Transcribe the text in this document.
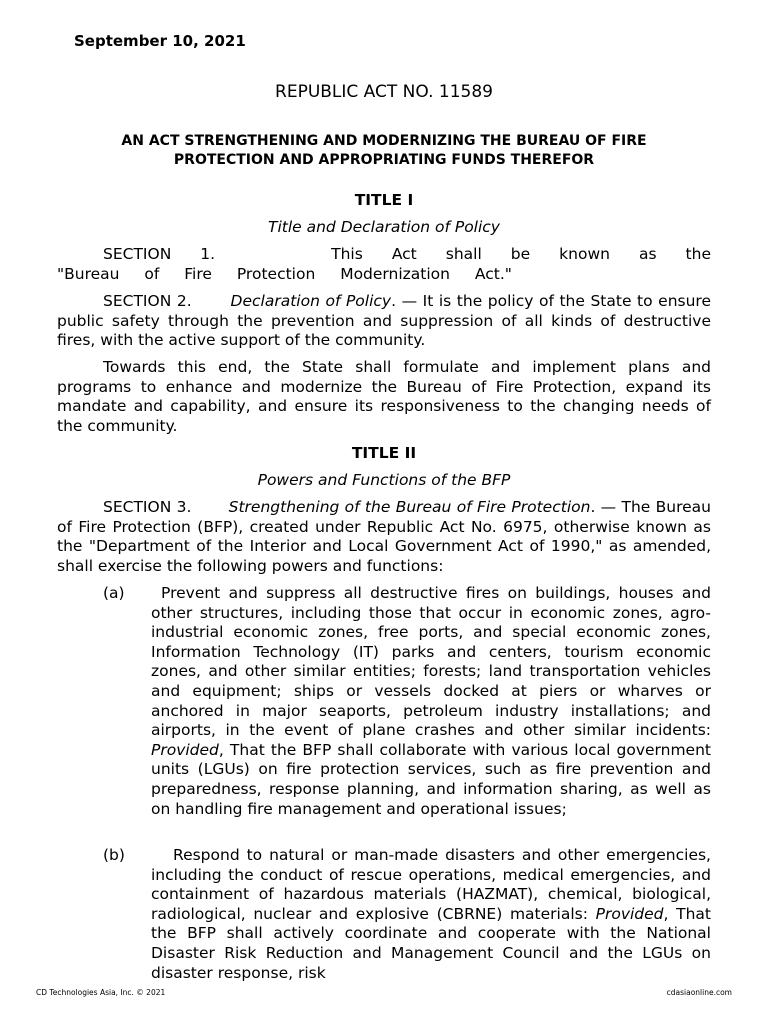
September 10, 2021
REPUBLIC ACT NO. 11589
AN ACT STRENGTHENING AND MODERNIZING THE BUREAU OF FIRE PROTECTION AND APPROPRIATING FUNDS THEREFOR
TITLE I
Title and Declaration of Policy

SECTION 1.	This Act shall be known as the "Bureau of Fire Protection Modernization Act."

SECTION 2.	Declaration of Policy. — It is the policy of the State to ensure public safety through the prevention and suppression of all kinds of destructive fires, with the active support of the community.

Towards this end, the State shall formulate and implement plans and programs to enhance and modernize the Bureau of Fire Protection, expand its mandate and capability, and ensure its responsiveness to the changing needs of the community.

TITLE II
Powers and Functions of the BFP

SECTION 3. Strengthening of the Bureau of Fire Protection. — The Bureau of Fire Protection (BFP), created under Republic Act No. 6975, otherwise known as the "Department of the Interior and Local Government Act of 1990," as amended, shall exercise the following powers and functions:

(a)	Prevent and suppress all destructive fires on buildings, houses and other structures, including those that occur in economic zones, agro-industrial economic zones, free ports, and special economic zones, Information Technology (IT) parks and centers, tourism economic zones, and other similar entities; forests; land transportation vehicles and equipment; ships or vessels docked at piers or wharves or anchored in major seaports, petroleum industry installations; and airports, in the event of plane crashes and other similar incidents: Provided, That the BFP shall collaborate with various local government units (LGUs) on fire protection services, such as fire prevention and preparedness, response planning, and information sharing, as well as on handling fire management and operational issues;
(b)	Respond to natural or man-made disasters and other emergencies, including the conduct of rescue operations, medical emergencies, and containment of hazardous materials (HAZMAT), chemical, biological, radiological, nuclear and explosive (CBRNE) materials: Provided, That the BFP shall actively coordinate and cooperate with the National Disaster Risk Reduction and Management Council and the LGUs on disaster response, risk
CD Technologies Asia, Inc. © 2021	cdasiaonline.com
